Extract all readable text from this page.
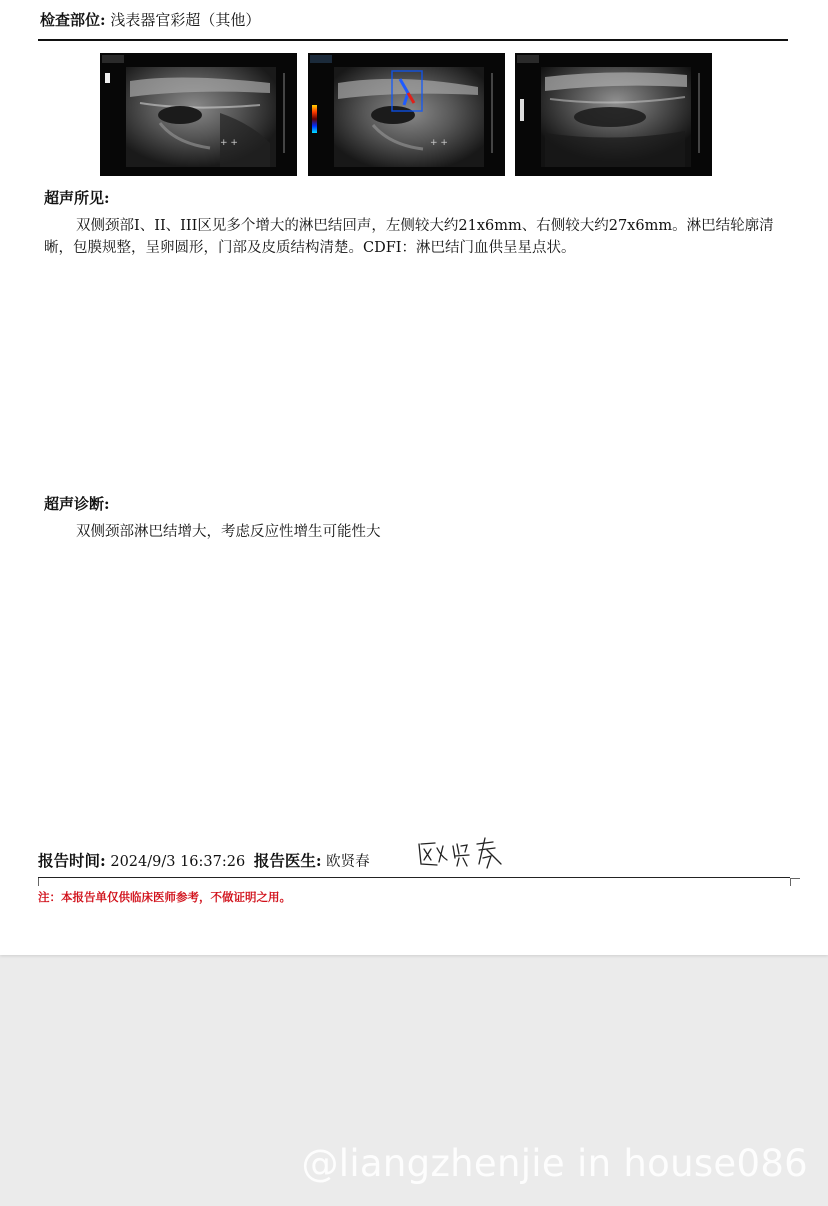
检查部位: 浅表器官彩超（其他）
+ +	+ +
超声所见:
双侧颈部I、II、III区见多个增大的淋巴结回声，左侧较大约21x6mm、右侧较大约27x6mm。淋巴结轮廓清晰，包膜规整，呈卵圆形，门部及皮质结构清楚。CDFI：淋巴结门血供呈星点状。
超声诊断:
双侧颈部淋巴结增大，考虑反应性增生可能性大
报告时间: 2024/9/3 16:37:26 报告医生: 欧贤春
注：本报告单仅供临床医师参考，不做证明之用。
@liangzhenjie in house086
